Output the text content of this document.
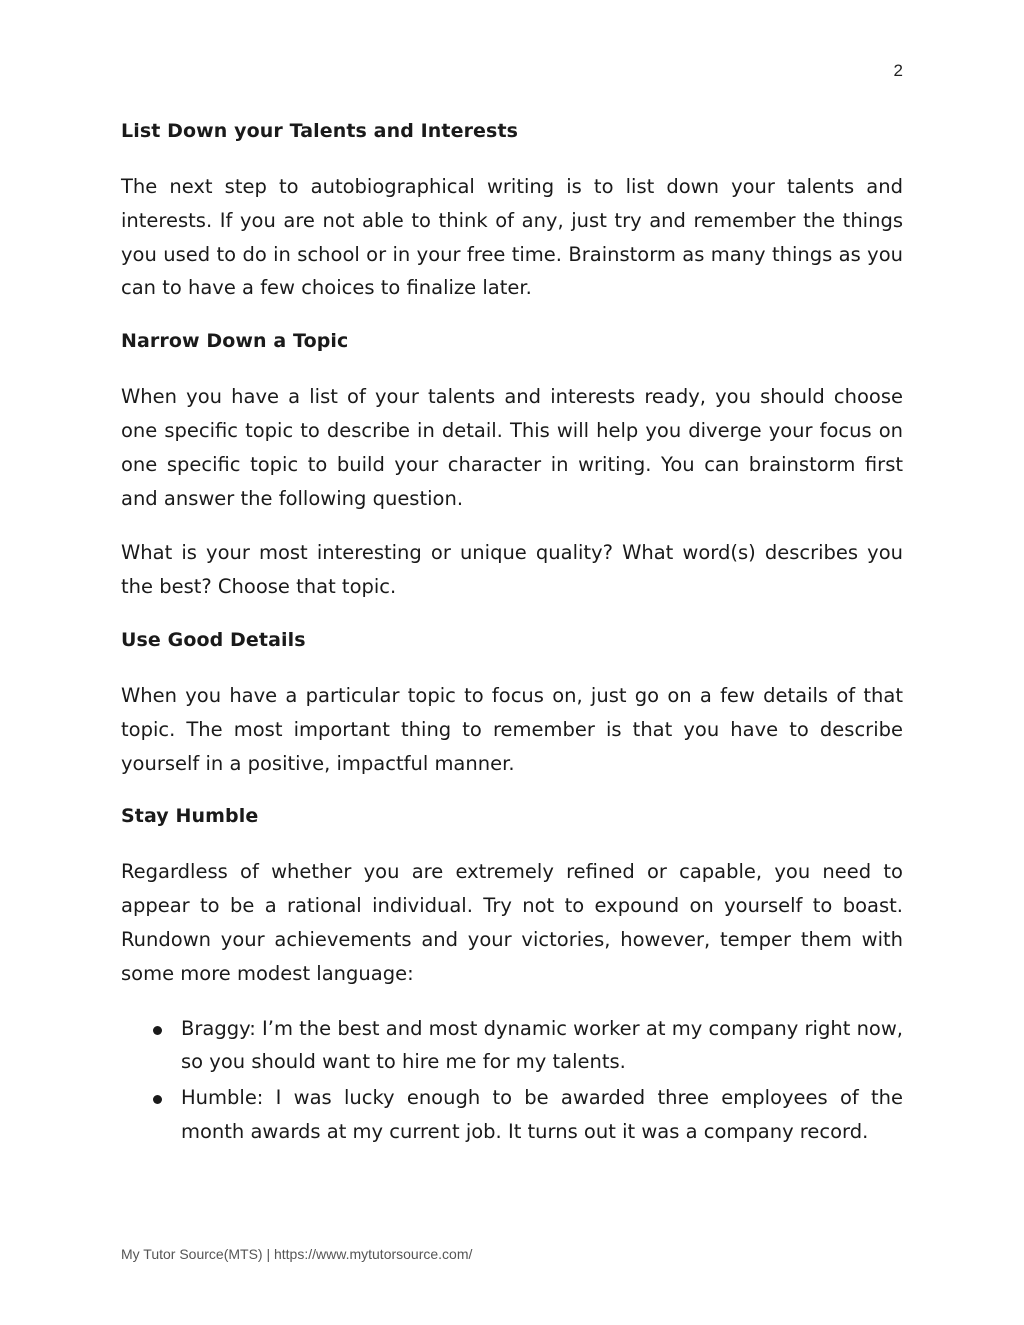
2
List Down your Talents and Interests

The next step to autobiographical writing is to list down your talents and interests. If you are not able to think of any, just try and remember the things you used to do in school or in your free time. Brainstorm as many things as you can to have a few choices to finalize later.

Narrow Down a Topic

When you have a list of your talents and interests ready, you should choose one specific topic to describe in detail. This will help you diverge your focus on one specific topic to build your character in writing. You can brainstorm first and answer the following question.

What is your most interesting or unique quality? What word(s) describes you the best? Choose that topic.

Use Good Details

When you have a particular topic to focus on, just go on a few details of that topic. The most important thing to remember is that you have to describe yourself in a positive, impactful manner.

Stay Humble

Regardless of whether you are extremely refined or capable, you need to appear to be a rational individual. Try not to expound on yourself to boast. Rundown your achievements and your victories, however, temper them with some more modest language:

Braggy: I’m the best and most dynamic worker at my company right now, so you should want to hire me for my talents.
Humble: I was lucky enough to be awarded three employees of the month awards at my current job. It turns out it was a company record.
My Tutor Source(MTS) | https://www.mytutorsource.com/
